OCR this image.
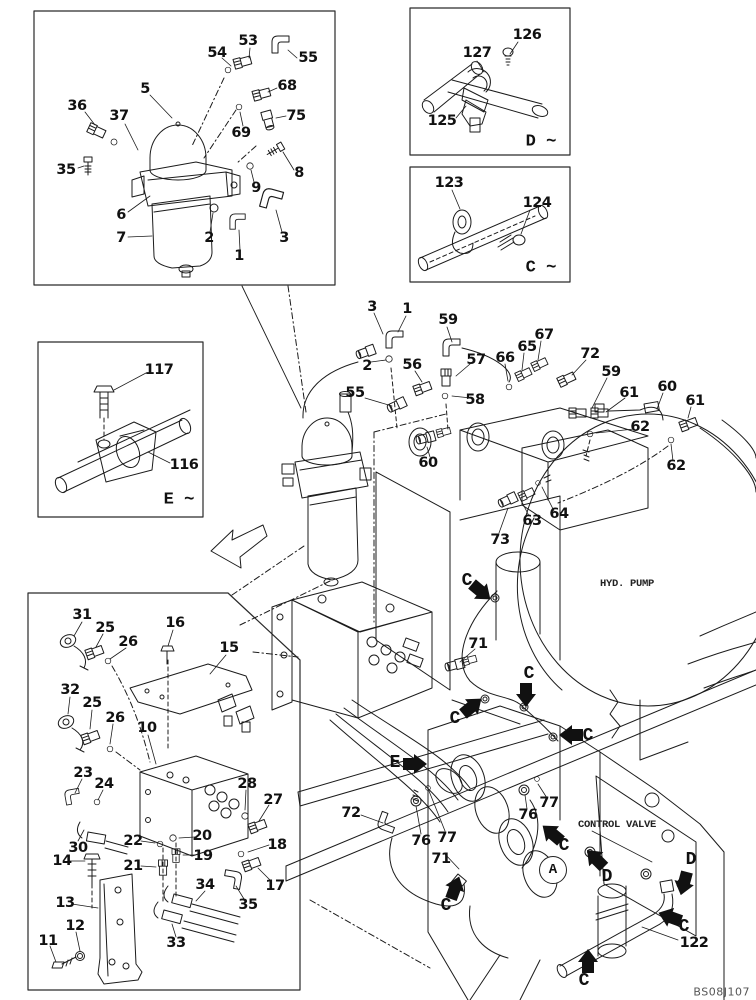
HYD. PUMP
CONTROL VALVE
BS08J107
A
53
54	55
5
36
37
68
69
75
35	8
9
6
7	2
1
3
126
127
125
123
124
117
116
3 1
59
2 56	57
55	58
66
65
67
72
59
61 60
61
62
62
60
64
63
73
71
31
25
26
16
15
32
25
26
10
23
24	28
27
30 22	20
19
21
18
17
14
34
35
13
12
11	33
72
76 77
71
76
77
122
D ∼
C ∼
E ∼
C
C
C
C
E
C
C
D
D
C
C
